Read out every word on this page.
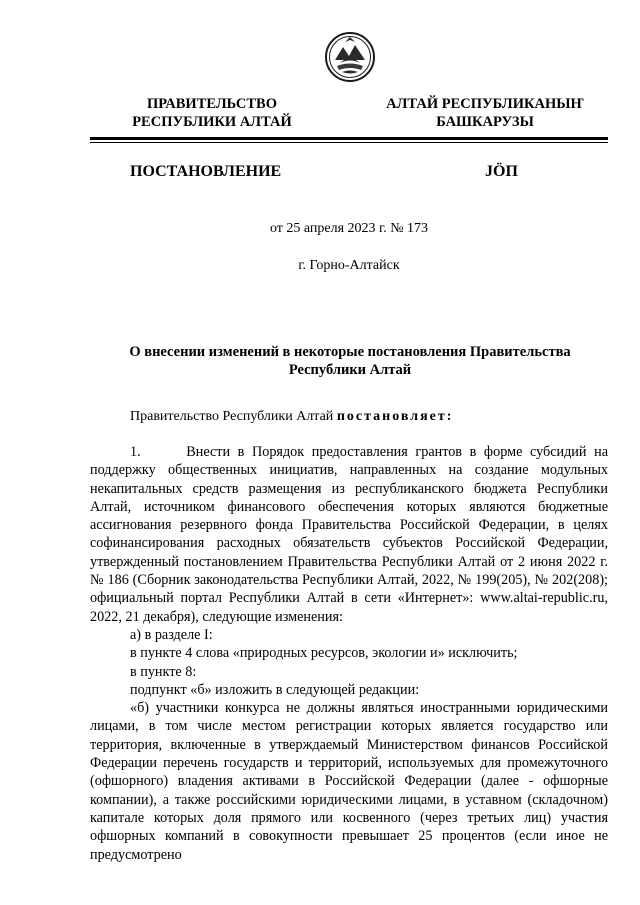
ПРАВИТЕЛЬСТВО
РЕСПУБЛИКИ АЛТАЙ
АЛТАЙ РЕСПУБЛИКАНЫҤ
БАШКАРУЗЫ
ПОСТАНОВЛЕНИЕ	JÖП
от 25 апреля 2023 г. № 173
г. Горно-Алтайск
О внесении изменений в некоторые постановления Правительства Республики Алтай
Правительство Республики Алтай постановляет:

1.      Внести в Порядок предоставления грантов в форме субсидий на поддержку общественных инициатив, направленных на создание модульных некапитальных средств размещения из республиканского бюджета Республики Алтай, источником финансового обеспечения которых являются бюджетные ассигнования резервного фонда Правительства Российской Федерации, в целях софинансирования расходных обязательств субъектов Российской Федерации, утвержденный постановлением Правительства Республики Алтай от 2 июня 2022 г. № 186 (Сборник законодательства Республики Алтай, 2022, № 199(205), № 202(208); официальный портал Республики Алтай в сети «Интернет»: www.altai-republic.ru, 2022, 21 декабря), следующие изменения:

а) в разделе I:

в пункте 4 слова «природных ресурсов, экологии и» исключить;

в пункте 8:

подпункт «б» изложить в следующей редакции:

«б) участники конкурса не должны являться иностранными юридическими лицами, в том числе местом регистрации которых является государство или территория, включенные в утверждаемый Министерством финансов Российской Федерации перечень государств и территорий, используемых для промежуточного (офшорного) владения активами в Российской Федерации (далее - офшорные компании), а также российскими юридическими лицами, в уставном (складочном) капитале которых доля прямого или косвенного (через третьих лиц) участия офшорных компаний в совокупности превышает 25 процентов (если иное не предусмотрено
